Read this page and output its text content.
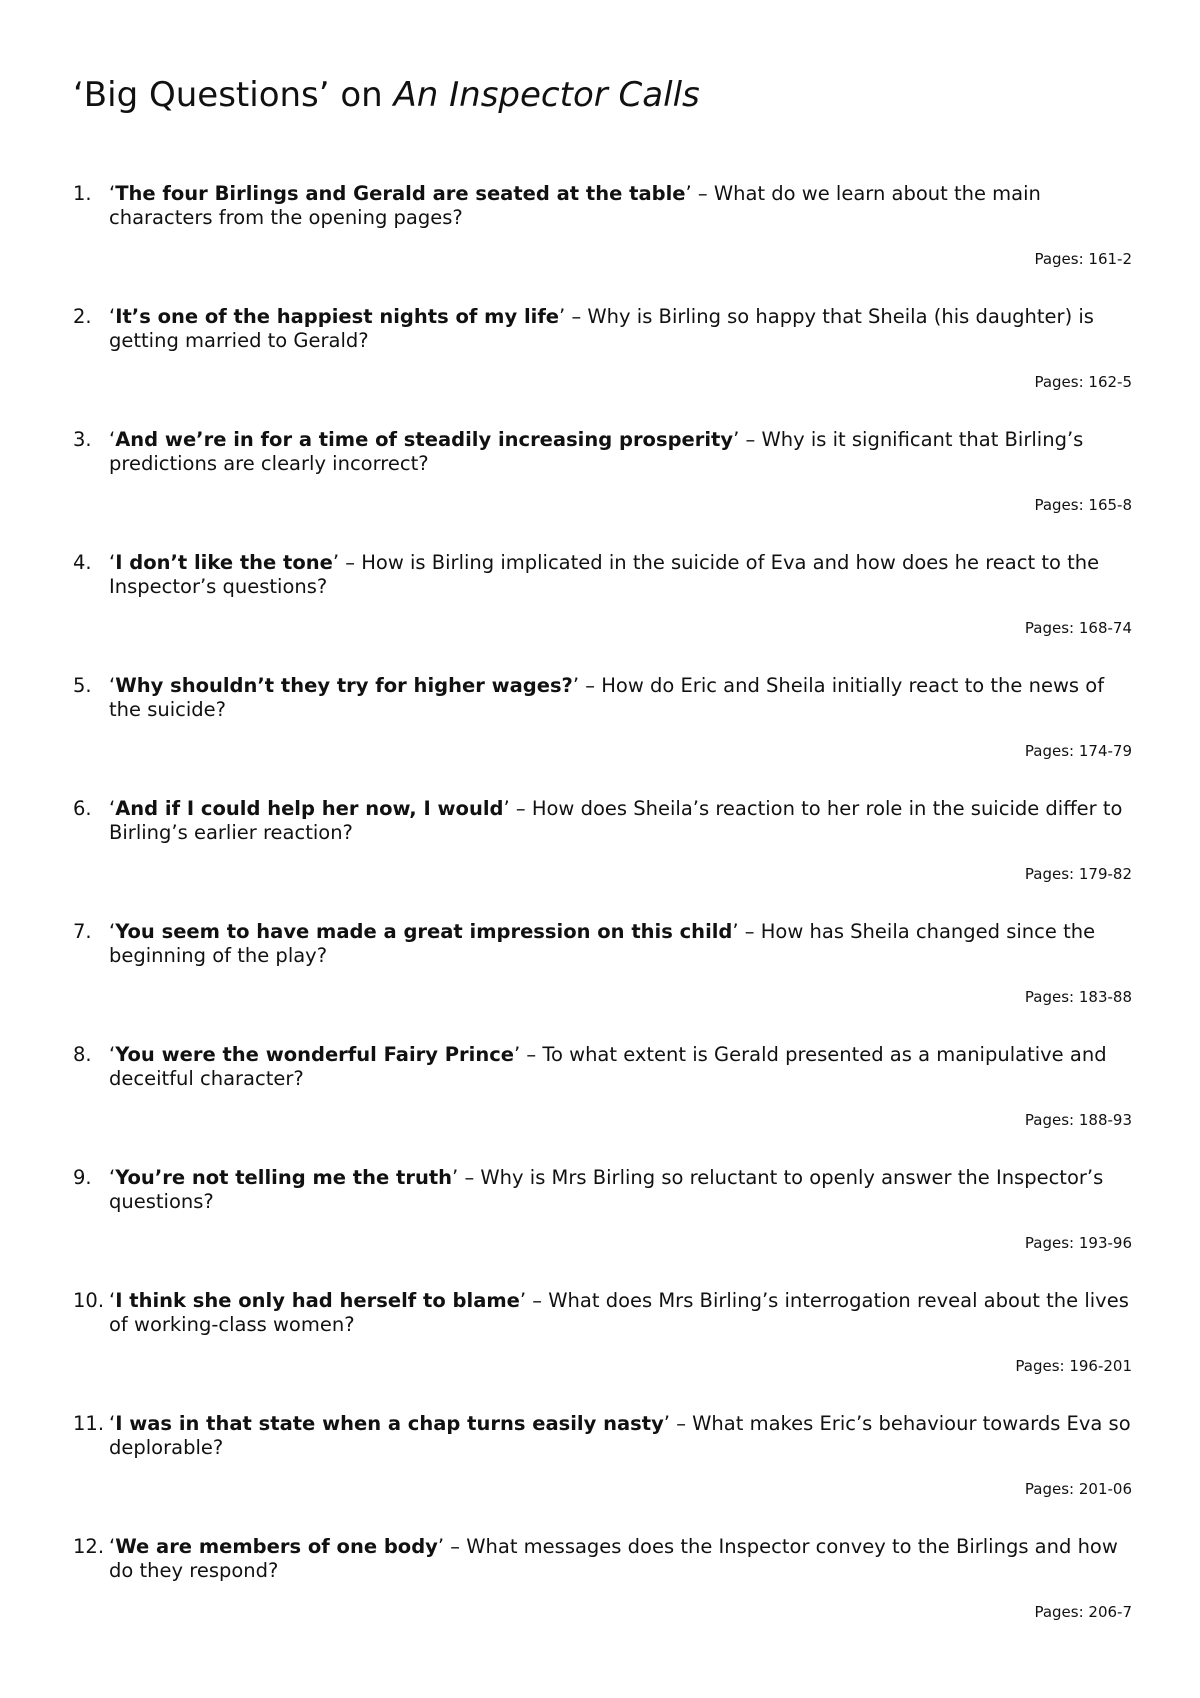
‘Big Questions’ on An Inspector Calls
1. ‘The four Birlings and Gerald are seated at the table’ – What do we learn about the main characters from the opening pages?
Pages: 161-2
2. ‘It’s one of the happiest nights of my life’ – Why is Birling so happy that Sheila (his daughter) is getting married to Gerald?
Pages: 162-5
3. ‘And we’re in for a time of steadily increasing prosperity’ – Why is it significant that Birling’s predictions are clearly incorrect?
Pages: 165-8
4. ‘I don’t like the tone’ – How is Birling implicated in the suicide of Eva and how does he react to the Inspector’s questions?
Pages: 168-74
5. ‘Why shouldn’t they try for higher wages?’ – How do Eric and Sheila initially react to the news of the suicide?
Pages: 174-79
6. ‘And if I could help her now, I would’ – How does Sheila’s reaction to her role in the suicide differ to Birling’s earlier reaction?
Pages: 179-82
7. ‘You seem to have made a great impression on this child’ – How has Sheila changed since the beginning of the play?
Pages: 183-88
8. ‘You were the wonderful Fairy Prince’ – To what extent is Gerald presented as a manipulative and deceitful character?
Pages: 188-93
9. ‘You’re not telling me the truth’ – Why is Mrs Birling so reluctant to openly answer the Inspector’s questions?
Pages: 193-96
10. ‘I think she only had herself to blame’ – What does Mrs Birling’s interrogation reveal about the lives of working-class women?
Pages: 196-201
11. ‘I was in that state when a chap turns easily nasty’ – What makes Eric’s behaviour towards Eva so deplorable?
Pages: 201-06
12. ‘We are members of one body’ – What messages does the Inspector convey to the Birlings and how do they respond?
Pages: 206-7
